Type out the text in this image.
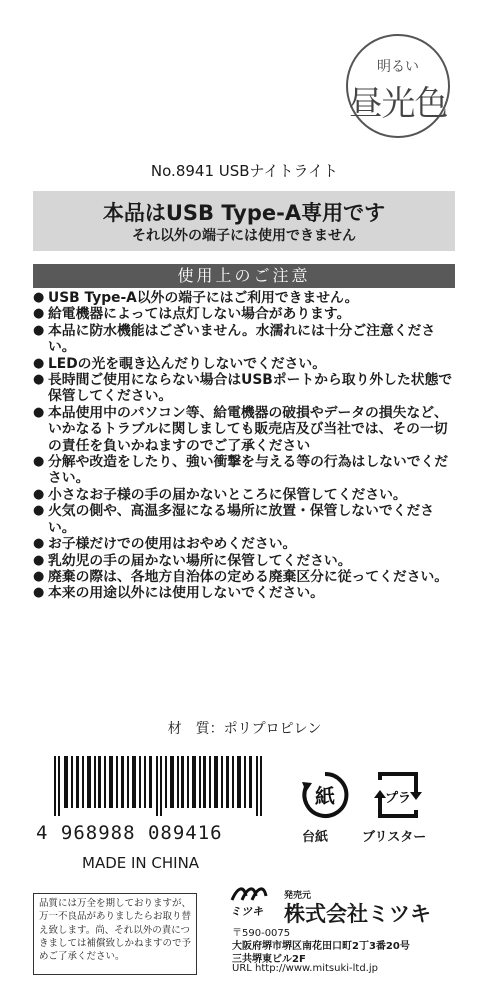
明るい
昼光色
No.8941 USBナイトライト
本品はUSB Type-A専用です
それ以外の端子には使用できません
使用上のご注意
● USB Type-A以外の端子にはご利用できません。
● 給電機器によっては点灯しない場合があります。
● 本品に防水機能はございません。水濡れには十分ご注意ください。
● LEDの光を覗き込んだりしないでください。
● 長時間ご使用にならない場合はUSBポートから取り外した状態で保管してください。
● 本品使用中のパソコン等、給電機器の破損やデータの損失など、いかなるトラブルに関しましても販売店及び当社では、その一切の責任を負いかねますのでご了承ください
● 分解や改造をしたり、強い衝撃を与える等の行為はしないでください。
● 小さなお子様の手の届かないところに保管してください。
● 火気の側や、高温多湿になる場所に放置・保管しないでください。
● お子様だけでの使用はおやめください。
● 乳幼児の手の届かない場所に保管してください。
● 廃棄の際は、各地方自治体の定める廃棄区分に従ってください。
● 本来の用途以外には使用しないでください。
材　質：ポリプロピレン
4 968988 089416
MADE IN CHINA
紙
台紙
プラ
ブリスター
品質には万全を期しておりますが、万一不良品がありましたらお取り替え致します。尚、それ以外の責につきましては補償致しかねますので予めご了承ください。
ミツキ
発売元
株式会社ミツキ
〒590-0075
大阪府堺市堺区南花田口町2丁3番20号
三共堺東ビル2F
URL http://www.mitsuki-ltd.jp
